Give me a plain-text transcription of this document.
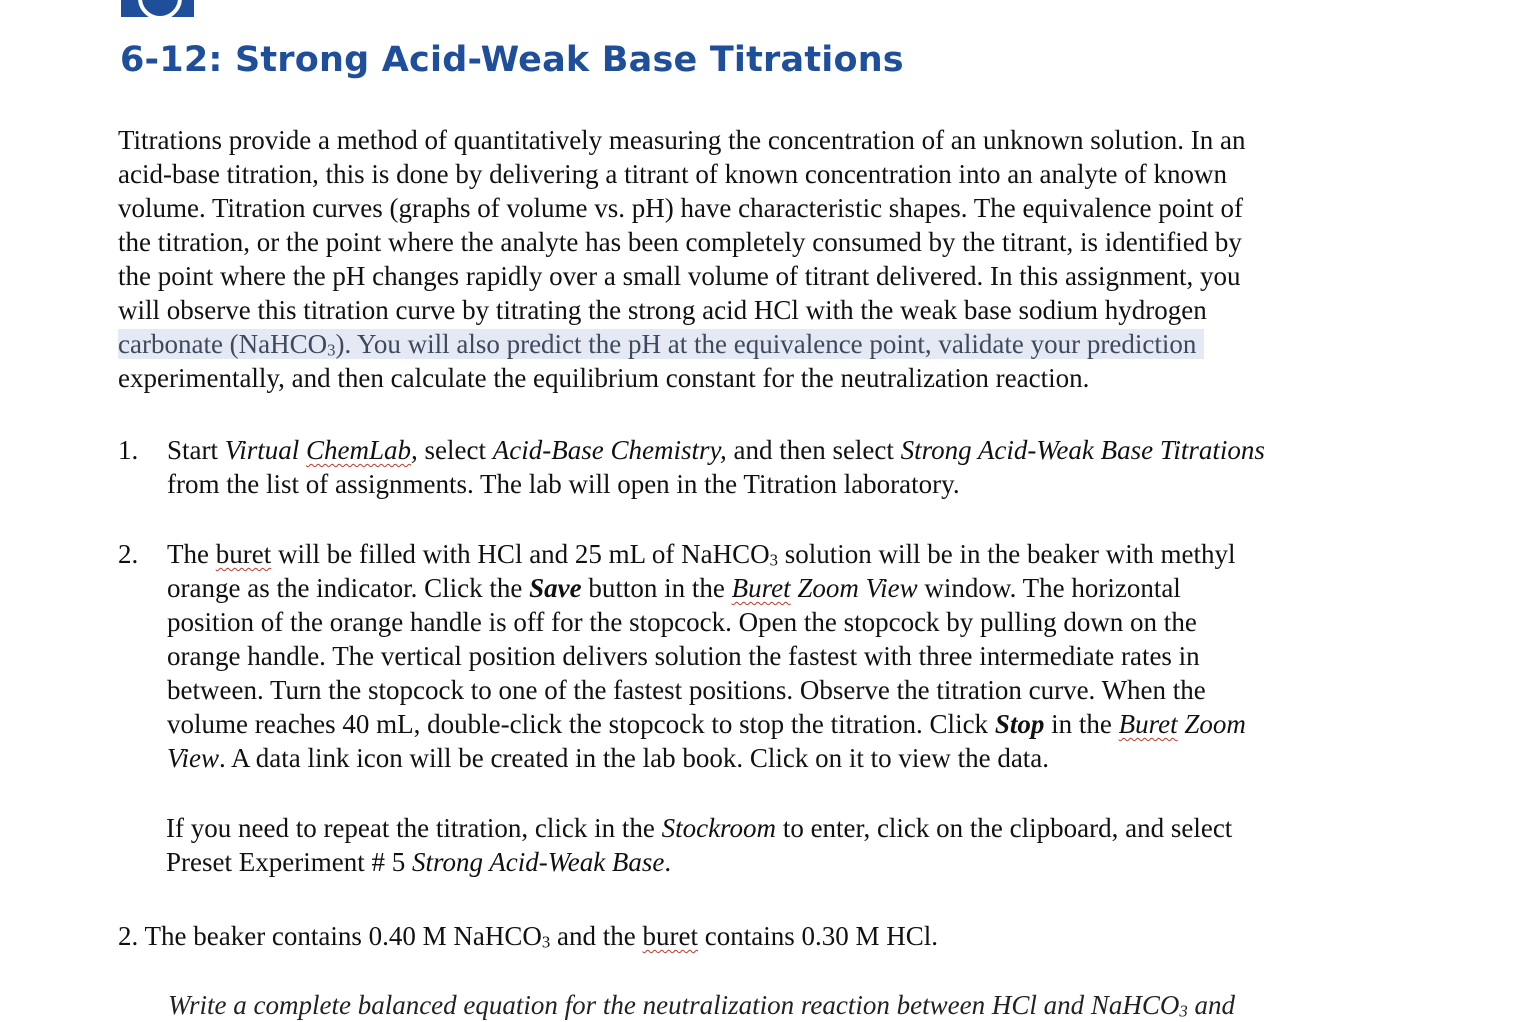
6-12: Strong Acid-Weak Base Titrations
Titrations provide a method of quantitatively measuring the concentration of an unknown solution. In an
acid-base titration, this is done by delivering a titrant of known concentration into an analyte of known
volume. Titration curves (graphs of volume vs. pH) have characteristic shapes. The equivalence point of
the titration, or the point where the analyte has been completely consumed by the titrant, is identified by
the point where the pH changes rapidly over a small volume of titrant delivered. In this assignment, you
will observe this titration curve by titrating the strong acid HCl with the weak base sodium hydrogen
carbonate (NaHCO$_3$). You will also predict the pH at the equivalence point, validate your prediction
experimentally, and then calculate the equilibrium constant for the neutralization reaction.
1. Start Virtual ChemLab, select Acid-Base Chemistry, and then select Strong Acid-Weak Base Titrations
from the list of assignments. The lab will open in the Titration laboratory.
2. The buret will be filled with HCl and 25 mL of NaHCO$_3$ solution will be in the beaker with methyl
orange as the indicator. Click the Save button in the Buret Zoom View window. The horizontal
position of the orange handle is off for the stopcock. Open the stopcock by pulling down on the
orange handle. The vertical position delivers solution the fastest with three intermediate rates in
between. Turn the stopcock to one of the fastest positions. Observe the titration curve. When the
volume reaches 40 mL, double-click the stopcock to stop the titration. Click Stop in the Buret Zoom
View. A data link icon will be created in the lab book. Click on it to view the data.
If you need to repeat the titration, click in the Stockroom to enter, click on the clipboard, and select
Preset Experiment # 5 Strong Acid-Weak Base.
2. The beaker contains 0.40 M NaHCO$_3$ and the buret contains 0.30 M HCl.
Write a complete balanced equation for the neutralization reaction between HCl and NaHCO$_3$ and
